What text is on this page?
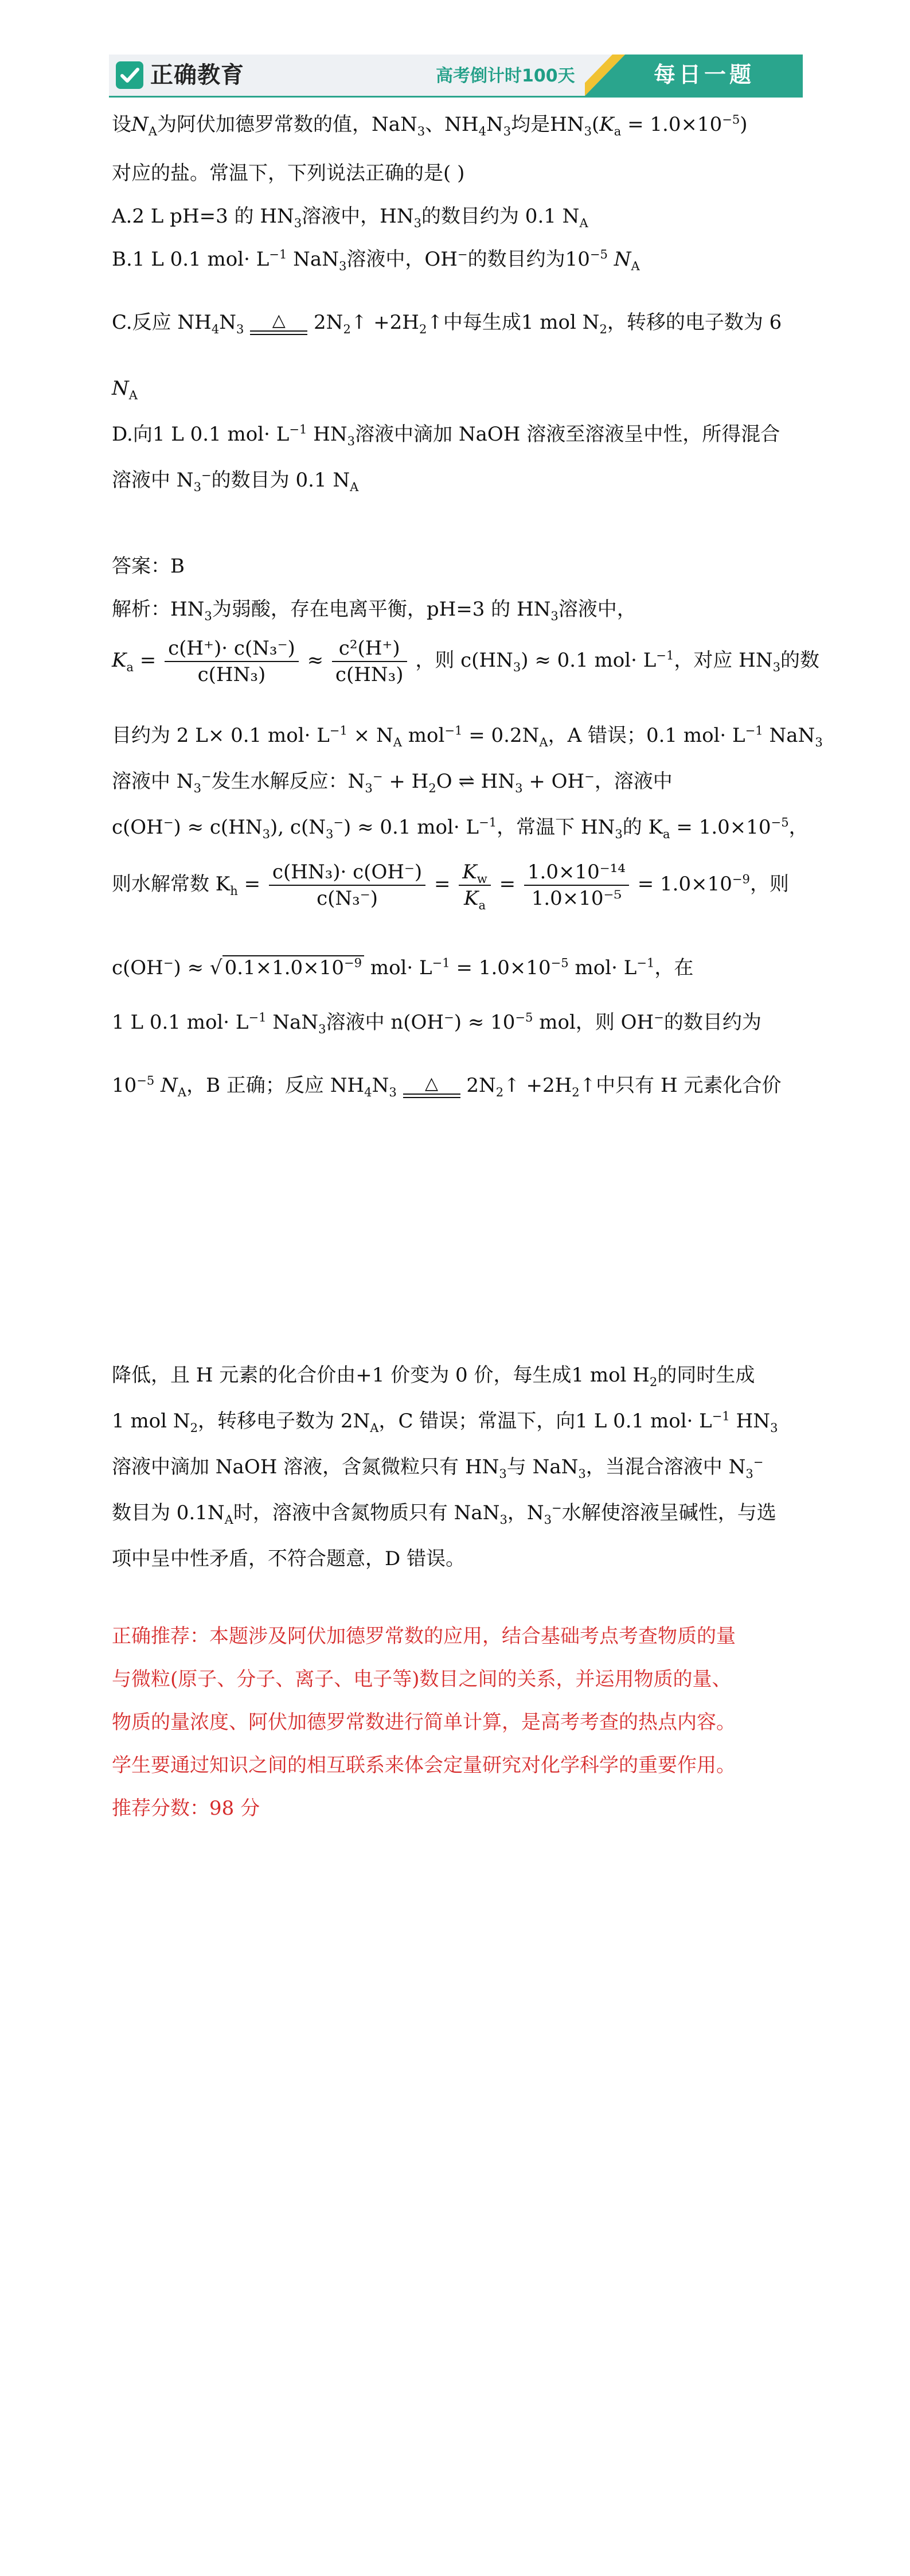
正确教育	高考倒计时100天	每日一题
设$N_A$为阿伏加德罗常数的值，NaN$_3$、$NH_4N_3$均是$HN_3(K_a = 1.0\times 10^{-5})$
对应的盐。常温下，下列说法正确的是( )
A.2 L pH=3 的 $HN_3$溶液中，$HN_3$的数目约为 0.1 $N_A$
B.1 L 0.1 $mol\cdot L^{-1}$ NaN$_3$溶液中，OH−的数目约为$10^{-5}$ $N_A$
C.反应 $NH_4N_3$	△	$2N_2↑$ $+2H_2↑$中每生成1 mol $N_2$，转移的电子数为 6
$N_A$
D.向1 L 0.1 $mol\cdot L^{-1}$ $HN_3$溶液中滴加 NaOH 溶液至溶液呈中性，所得混合
溶液中 $N_3^-$的数目为 0.1 $N_A$
答案：B
解析：$HN_3$为弱酸，存在电离平衡，pH=3 的 $HN_3$溶液中，
$K_a = \frac{\text{c(H⁺)· c(N₃⁻)}}{\text{c(HN₃)}} \approx \frac{\text{c²(H⁺)}}{\text{c(HN₃)}}$ ，则 $c(HN_3) \approx 0.1$ $mol\cdot L^{-1}$，对应 $HN_3$的数
目约为 2 L× 0.1 $mol\cdot L^{-1} \times N_A$ $mol^{-1} = 0.2N_A$，A 错误；0.1 $mol\cdot L^{-1}$ NaN$_3$
溶液中 $N_3^-$发生水解反应：$N_3^- + H_2O$ ⇌ $HN_3 + OH^-$，溶液中
$c(OH^-) \approx c(HN_3)$, $c(N_3^-) \approx 0.1$ $mol\cdot L^{-1}$，常温下 $HN_3$的 $K_a = 1.0\times 10^{-5}$，
则水解常数 $K_h = \frac{\text{c(HN₃)· c(OH⁻)}}{\text{c(N₃⁻)}} = \frac{K_w}{K_a} = \frac{\text{1.0×10⁻¹⁴}}{\text{1.0×10⁻⁵}} = 1.0\times 10^{-9}$，则
c(OH−) ≈ √ $0.1\times 1.0\times 10^{-9}$ $mol\cdot L^{-1} = 1.0\times 10^{-5}$ $mol\cdot L^{-1}$，在
1 L 0.1 $mol\cdot L^{-1}$ NaN$_3$溶液中 $n(OH^-) \approx 10^{-5}$ mol，则 OH−的数目约为
$10^{-5}$ $N_A$，B 正确；反应 $NH_4N_3$	△	$2N_2↑$ $+2H_2↑$中只有 H 元素化合价
降低，且 H 元素的化合价由+1 价变为 0 价，每生成1 mol $H_2$的同时生成
1 mol $N_2$，转移电子数为 $2N_A$，C 错误；常温下，向1 L 0.1 $mol\cdot L^{-1}$ $HN_3$
溶液中滴加 NaOH 溶液，含氮微粒只有 $HN_3$与 NaN$_3$，当混合溶液中 $N_3^-$
数目为 $0.1N_A$时，溶液中含氮物质只有 NaN$_3$，$N_3^-$水解使溶液呈碱性，与选
项中呈中性矛盾，不符合题意，D 错误。
正确推荐：本题涉及阿伏加德罗常数的应用，结合基础考点考查物质的量
与微粒(原子、分子、离子、电子等)数目之间的关系，并运用物质的量、
物质的量浓度、阿伏加德罗常数进行简单计算，是高考考查的热点内容。
学生要通过知识之间的相互联系来体会定量研究对化学科学的重要作用。
推荐分数：98 分
